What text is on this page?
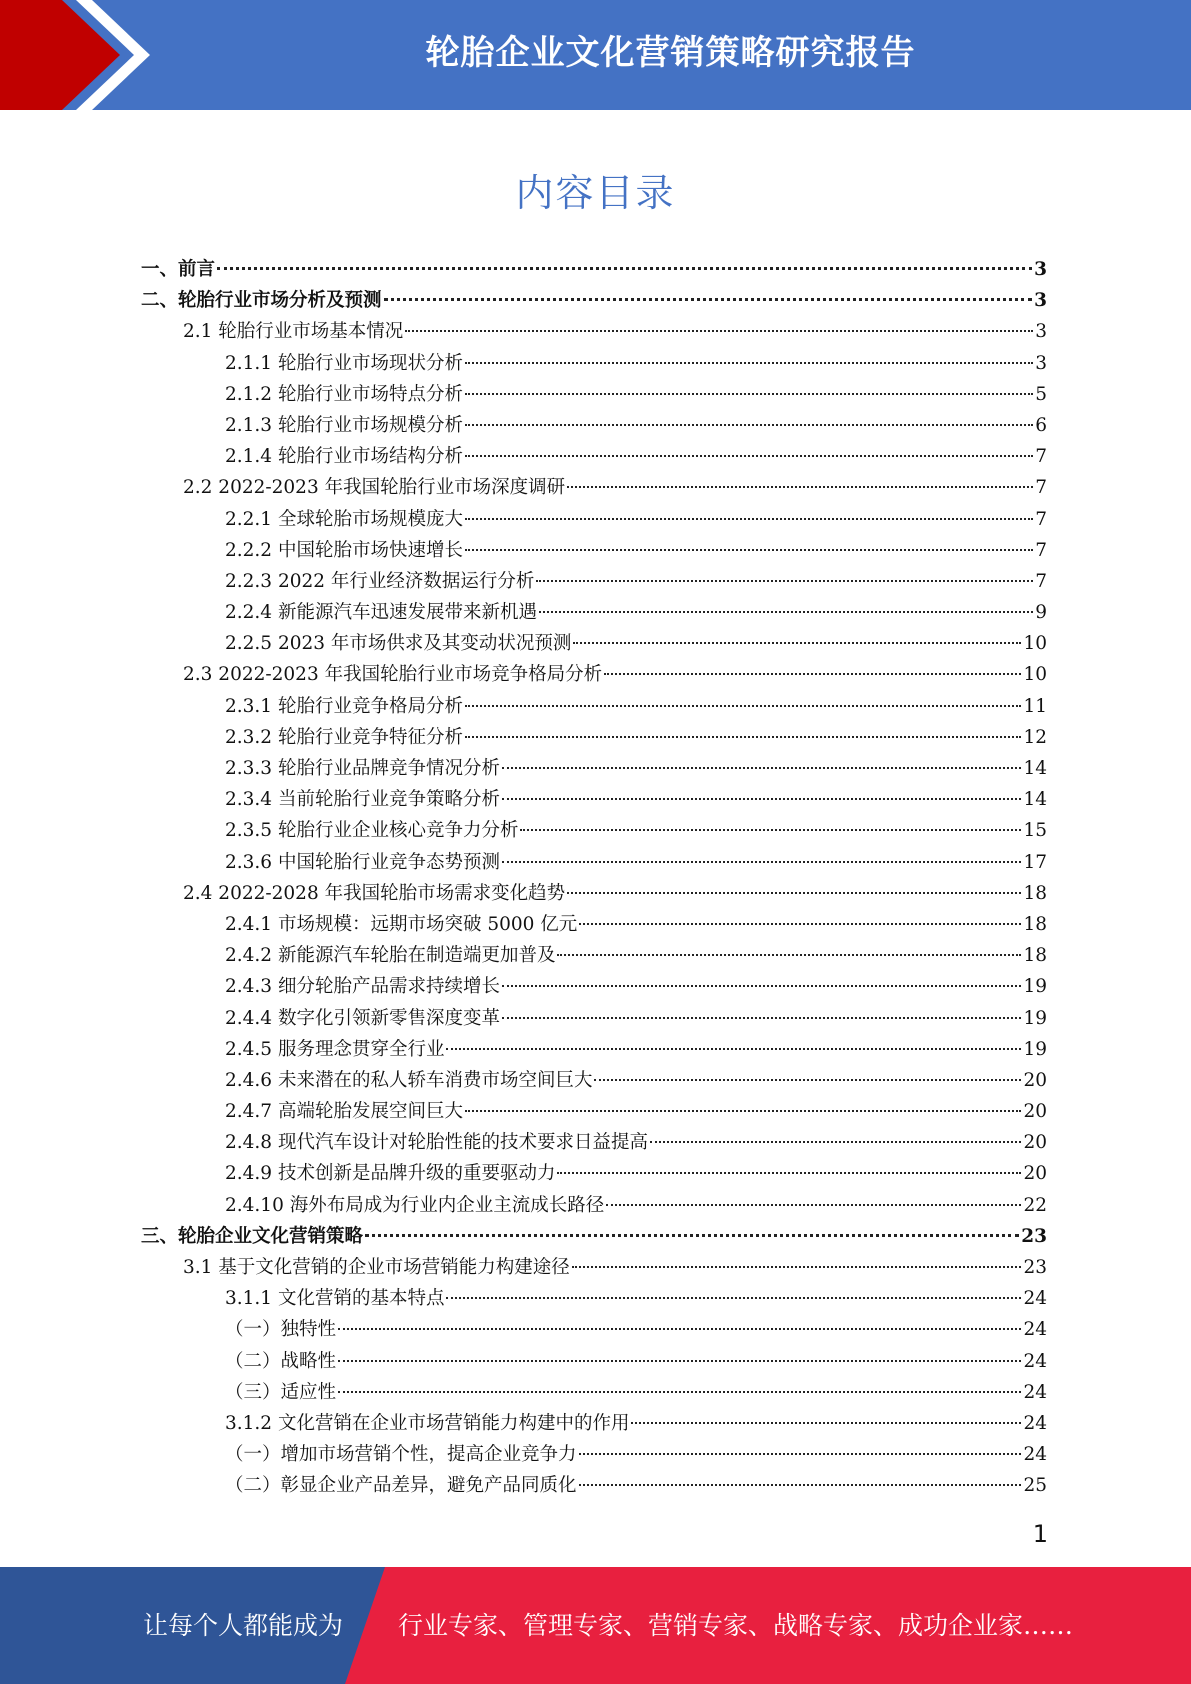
轮胎企业文化营销策略研究报告
内容目录
一、前言	3
二、轮胎行业市场分析及预测	3
2.1 轮胎行业市场基本情况	3
2.1.1 轮胎行业市场现状分析	3
2.1.2 轮胎行业市场特点分析	5
2.1.3 轮胎行业市场规模分析	6
2.1.4 轮胎行业市场结构分析	7
2.2 2022-2023 年我国轮胎行业市场深度调研	7
2.2.1 全球轮胎市场规模庞大	7
2.2.2 中国轮胎市场快速增长	7
2.2.3 2022 年行业经济数据运行分析	7
2.2.4 新能源汽车迅速发展带来新机遇	9
2.2.5 2023 年市场供求及其变动状况预测	10
2.3 2022-2023 年我国轮胎行业市场竞争格局分析	10
2.3.1 轮胎行业竞争格局分析	11
2.3.2 轮胎行业竞争特征分析	12
2.3.3 轮胎行业品牌竞争情况分析	14
2.3.4 当前轮胎行业竞争策略分析	14
2.3.5 轮胎行业企业核心竞争力分析	15
2.3.6 中国轮胎行业竞争态势预测	17
2.4 2022-2028 年我国轮胎市场需求变化趋势	18
2.4.1 市场规模：远期市场突破 5000 亿元	18
2.4.2 新能源汽车轮胎在制造端更加普及	18
2.4.3 细分轮胎产品需求持续增长	19
2.4.4 数字化引领新零售深度变革	19
2.4.5 服务理念贯穿全行业	19
2.4.6 未来潜在的私人轿车消费市场空间巨大	20
2.4.7 高端轮胎发展空间巨大	20
2.4.8 现代汽车设计对轮胎性能的技术要求日益提高	20
2.4.9 技术创新是品牌升级的重要驱动力	20
2.4.10 海外布局成为行业内企业主流成长路径	22
三、轮胎企业文化营销策略	23
3.1 基于文化营销的企业市场营销能力构建途径	23
3.1.1 文化营销的基本特点	24
（一）独特性	24
（二）战略性	24
（三）适应性	24
3.1.2 文化营销在企业市场营销能力构建中的作用	24
（一）增加市场营销个性，提高企业竞争力	24
（二）彰显企业产品差异，避免产品同质化	25
1
让每个人都能成为 行业专家、管理专家、营销专家、战略专家、成功企业家……
